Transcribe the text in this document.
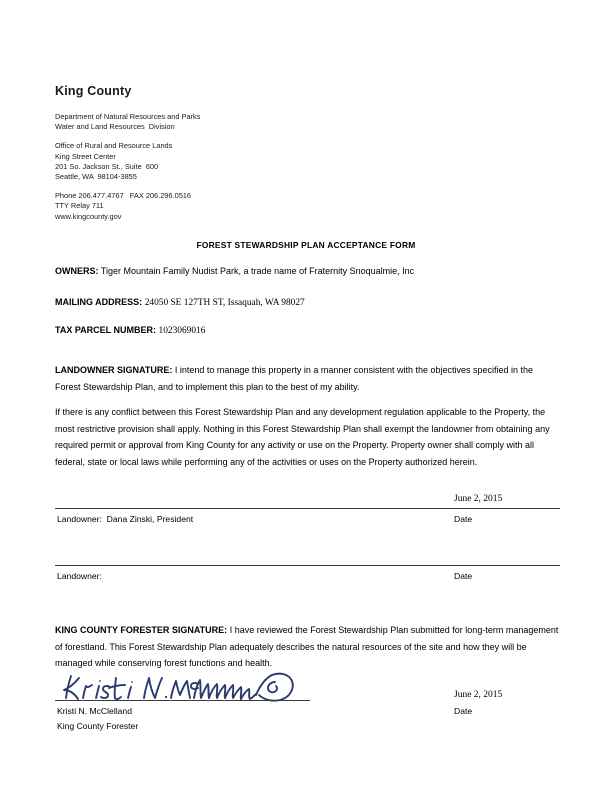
King County
Department of Natural Resources and Parks
Water and Land Resources  Division
Office of Rural and Resource Lands
King Street Center
201 So. Jackson St., Suite  600
Seattle, WA  98104-3855
Phone 206.477.4767   FAX 206.296.0516
TTY Relay 711
www.kingcounty.gov
FOREST STEWARDSHIP PLAN ACCEPTANCE FORM
OWNERS: Tiger Mountain Family Nudist Park, a trade name of Fraternity Snoqualmie, Inc
MAILING ADDRESS: 24050 SE 127TH ST, Issaquah, WA 98027
TAX PARCEL NUMBER: 1023069016
LANDOWNER SIGNATURE: I intend to manage this property in a manner consistent with the objectives specified in the Forest Stewardship Plan, and to implement this plan to the best of my ability.
If there is any conflict between this Forest Stewardship Plan and any development regulation applicable to the Property, the most restrictive provision shall apply. Nothing in this Forest Stewardship Plan shall exempt the landowner from obtaining any required permit or approval from King County for any activity or use on the Property. Property owner shall comply with all federal, state or local laws while performing any of the activities or uses on the Property authorized herein.
June 2, 2015
Landowner:  Dana Zinski, President	Date
Landowner:	Date
KING COUNTY FORESTER SIGNATURE: I have reviewed the Forest Stewardship Plan submitted for long-term management of forestland. This Forest Stewardship Plan adequately describes the natural resources of the site and how they will be managed while conserving forest functions and health.
June 2, 2015
Kristi N. McClelland	Date
King County Forester
